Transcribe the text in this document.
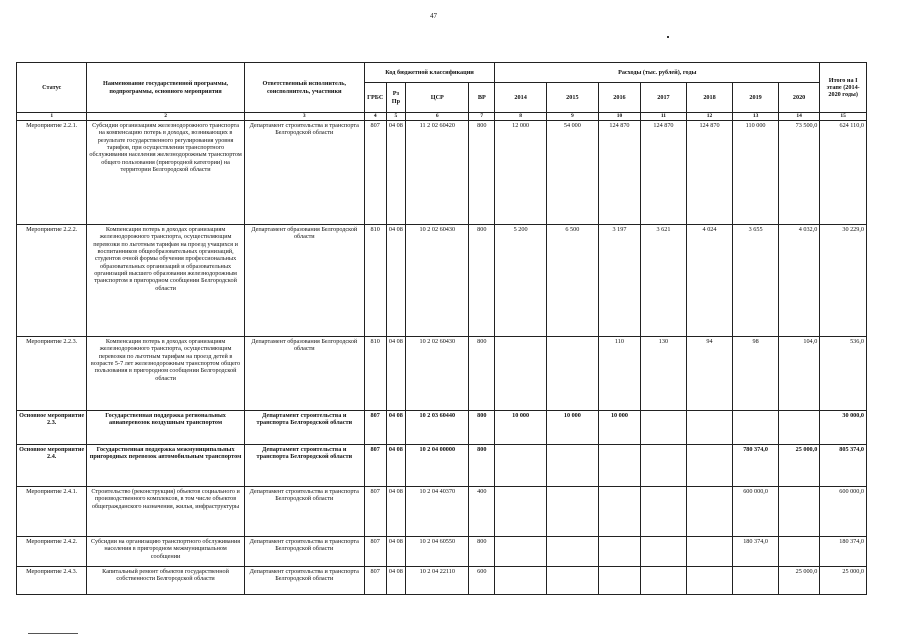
47
Статус	Наименование государственной программы, подпрограммы, основного мероприятия	Ответственный исполнитель, соисполнитель, участники	Код бюджетной классификации				Расходы (тыс. рублей), годы							Итого на I этапе (2014-2020 годы)
			ГРБС	Рз Пр	ЦСР	ВР	2014	2015	2016	2017	2018	2019	2020	
1	2	3	4	5	6	7	8	9	10	11	12	13	14	15
Мероприятие 2.2.1.	Субсидии организациям железнодорожного транспорта на компенсацию потерь в доходах, возникающих в результате государственного регулирования уровня тарифов, при осуществлении транспортного обслуживания населения железнодорожным транспортом общего пользования (пригородной категории) на территории Белгородской области	Департамент строительства и транспорта Белгородской области	807	04 08	11 2 02 60420	800	12 000	54 000	124 870	124 870	124 870	110 000	73 500,0	624 110,0
Мероприятие 2.2.2.	Компенсация потерь в доходах организациям железнодорожного транспорта, осуществляющим перевозки по льготным тарифам на проезд учащихся и воспитанников общеобразовательных организаций, студентов очной формы обучения профессиональных образовательных организаций и образовательных организаций высшего образования железнодорожным транспортом в пригородном сообщении Белгородской области	Департамент образования Белгородской области	810	04 08	10 2 02 60430	800	5 200	6 500	3 197	3 621	4 024	3 655	4 032,0	30 229,0
Мероприятие 2.2.3.	Компенсация потерь в доходах организациям железнодорожного транспорта, осуществляющим перевозки по льготным тарифам на проезд детей в возрасте 5-7 лет железнодорожным транспортом общего пользования в пригородном сообщении Белгородской области	Департамент образования Белгородской области	810	04 08	10 2 02 60430	800			110	130	94	98	104,0	536,0
Основное мероприятие 2.3.	Государственная поддержка региональных авиаперевозок воздушным транспортом	Департамент строительства и транспорта Белгородской области	807	04 08	10 2 03 60440	800	10 000	10 000	10 000					30 000,0
Основное мероприятие 2.4.	Государственная поддержка межмуниципальных пригородных перевозок автомобильным транспортом	Департамент строительства и транспорта Белгородской области	807	04 08	10 2 04 00000	800						780 374,0	25 000,0	805 374,0
Мероприятие 2.4.1.	Строительство (реконструкция) объектов социального и производственного комплексов, в том числе объектов общегражданского назначения, жилья, инфраструктуры	Департамент строительства и транспорта Белгородской области	807	04 08	10 2 04 40370	400						600 000,0		600 000,0
Мероприятие 2.4.2.	Субсидии на организацию транспортного обслуживания населения в пригородном межмуниципальном сообщении	Департамент строительства и транспорта Белгородской области	807	04 08	10 2 04 60550	800						180 374,0		180 374,0
Мероприятие 2.4.3.	Капитальный ремонт объектов государственной собственности Белгородской области	Департамент строительства и транспорта Белгородской области	807	04 08	10 2 04 22110	600							25 000,0	25 000,0
